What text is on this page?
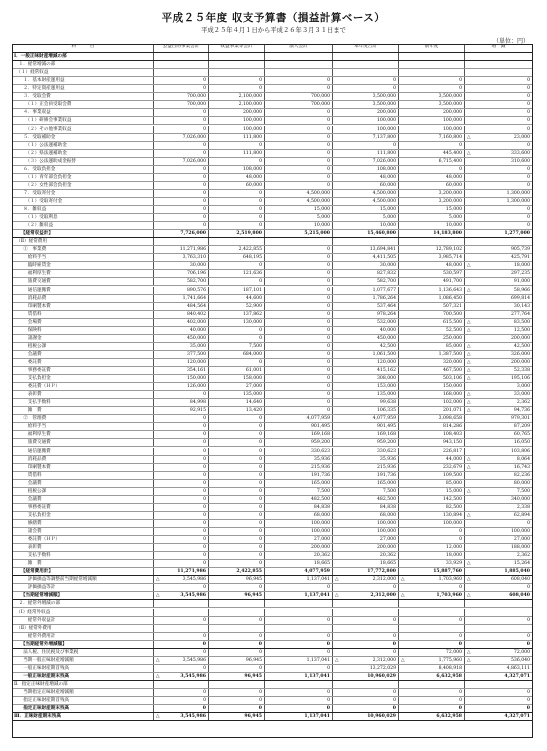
平成２５年度 収支予算書（損益計算ベース）
平成２５年４月１日から平成２６年３月３１日まで
（単位：円）
科　　　目	公益目的事業会計	収益事業等会計	法人会計	本年度合計	前年度	増　減
Ⅰ．一般正味財産増減の部
　１．経常増減の部
　（１）経常収益
　　１．基本財産運用益	0	0	0	0	0	0
　　２．特定資産運用益	0	0	0	0	0	0
　　３．受取会費	700,000	2,100,000	700,000	3,500,000	3,500,000	0
　　　（１）正会員受取会費	700,000	2,100,000	700,000	3,500,000	3,500,000	0
　　４．事業収益	0	200,000	0	200,000	200,000	0
　　　（１）研修会事業収益	0	100,000	0	100,000	100,000	0
　　　（２）その他事業収益	0	100,000	0	100,000	100,000	0
　　５．受取補助金	7,026,000	111,800	0	7,137,800	7,160,800	△	23,000
　　　（１）公法運補助金	0	0	0	0	0	0
　　　（２）県法運補助金	0	111,800	0	111,800	445,400	△	333,600
　　　（３）公法運助成金振替	7,026,000	0	0	7,026,000	6,715,400	310,600
　　６．受取負担金	0	108,000	0	108,000	0	0
　　　（１）青年部会負担金	0	48,000	0	48,000	48,000	0
　　　（２）女性部会負担金	0	60,000	0	60,000	60,000	0
　　７．受取寄付金	0	0	4,500,000	4,500,000	3,200,000	1,300,000
　　　（１）受取寄付金	0	0	4,500,000	4,500,000	3,200,000	1,300,000
　　８．雑収益	0	0	15,000	15,000	15,000	0
　　　（１）受取利息	0	0	5,000	5,000	5,000	0
　　　（２）雑収益	0	0	10,000	10,000	10,000	0
　　【経常収益計】	7,726,000	2,519,800	5,215,000	15,460,800	14,183,800	1,277,000
　（Ⅱ）経常費用
　　①　事業費	11,271,986	2,422,855	0	13,694,841	12,789,102	905,739
　　　給料手当	3,763,310	648,195	0	4,411,505	3,985,714	425,791
　　　臨時雇賃金	30,000	0	0	30,000	48,000	△	18,000
　　　福利厚生費	706,196	121,636	0	827,832	530,597	297,235
　　　旅費交通費	582,700	0	0	582,700	491,700	91,000
　　　通信運搬費	890,576	187,101	0	1,077,677	1,136,643	△	58,966
　　　消耗品費	1,741,664	44,600	0	1,786,264	1,086,450	699,814
　　　印刷製本費	484,564	52,900	0	537,464	507,321	30,143
　　　賃借料	840,402	137,862	0	978,264	700,500	277,764
　　　会場費	402,000	130,000	0	532,000	615,500	△	83,500
　　　保険料	40,000	0	0	40,000	52,500	△	12,500
　　　諸謝金	450,000	0	0	450,000	250,000	200,000
　　　租税公課	35,000	7,500	0	42,500	85,000	△	42,500
　　　会議費	377,500	684,000	0	1,061,500	1,387,500	△	326,000
　　　委託費	120,000	0	0	120,000	320,000	△	200,000
　　　事務委託費	354,161	61,001	0	415,162	467,500	△	52,338
　　　支払負担金	150,000	158,000	0	308,000	503,106	△	195,106
　　　委託費（ＨＰ）	126,000	27,000	0	153,000	150,000	3,000
　　　表彰費	0	135,000	0	135,000	168,000	△	33,000
　　　支払手数料	84,998	14,640	0	99,638	102,000	△	2,362
　　　雑　費	92,915	13,420	0	106,335	201,071	△	94,736
　　②　管理費	0	0	4,077,959	4,077,959	3,098,658	979,301
　　　給料手当	0	0	901,495	901,495	814,286	87,209
　　　福利厚生費	0	0	169,168	169,168	108,403	60,765
　　　旅費交通費	0	0	959,200	959,200	943,150	16,050
　　　通信運搬費	0	0	330,623	330,623	226,817	103,806
　　　消耗品費	0	0	35,936	35,936	44,000	△	8,064
　　　印刷製本費	0	0	215,936	215,936	232,679	△	16,743
　　　賃借料	0	0	191,736	191,736	109,500	82,236
　　　会議費	0	0	165,000	165,000	85,000	80,000
　　　租税公課	0	0	7,500	7,500	15,000	△	7,500
　　　会議費	0	0	482,500	482,500	142,500	340,000
　　　事務委託費	0	0	84,838	84,838	82,500	2,338
　　　支払負担金	0	0	68,000	68,000	130,894	△	62,894
　　　修繕費	0	0	100,000	100,000	100,000	0
　　　諸会費	0	0	100,000	100,000	0	100,000
　　　委託費（ＨＰ）	0	0	27,000	27,000	0	27,000
　　　表彰費	0	0	200,000	200,000	12,000	188,000
　　　支払手数料	0	0	20,362	20,362	18,000	2,362
　　　雑　費	0	0	18,665	18,665	33,929	△	15,264
　　【経常費用計】	11,271,986	2,422,855	4,077,959	17,772,800	15,887,760	1,885,040
　　　評価損益等調整前当期経常増減額	△	3,545,986	96,945	1,137,041	△	2,312,000	△	1,703,960	△	608,040
　　　評価損益等計	0	0	0	0	0	0
　　【当期経常増減額】	△	3,545,986	96,945	1,137,041	△	2,312,000	△	1,703,960	△	608,040
　２．経常外増減の部
　（Ⅰ）経常外収益
　　　経常外収益計	0	0	0	0	0	0
　（Ⅱ）経常外費用
　　　経常外費用計	0	0	0	0	0	0
　　【当期経常外増減額】	0	0	0	0	0	0
　　法人税、住民税及び事業税	0	0	0	0	72,000	△	72,000
　　当期一般正味財産増減額	△	3,545,986	96,945	1,137,041	△	2,312,000	△	1,775,960	△	536,040
　　一般正味財産期首残高	0	0	0	13,272,029	8,408,918	4,863,111
　　一般正味財産期末残高	△	3,545,986	96,945	1,137,041	10,960,029	6,632,958	4,327,071
Ⅱ．指定正味財産増減の部
　　当期指定正味財産増減額	0	0	0	0	0	0
　　指定正味財産期首残高	0	0	0	0	0	0
　　指定正味財産期末残高	0	0	0	0	0	0
Ⅲ．正味財産期末残高	△	3,545,986	96,945	1,137,041	10,960,029	6,632,958	4,327,071
